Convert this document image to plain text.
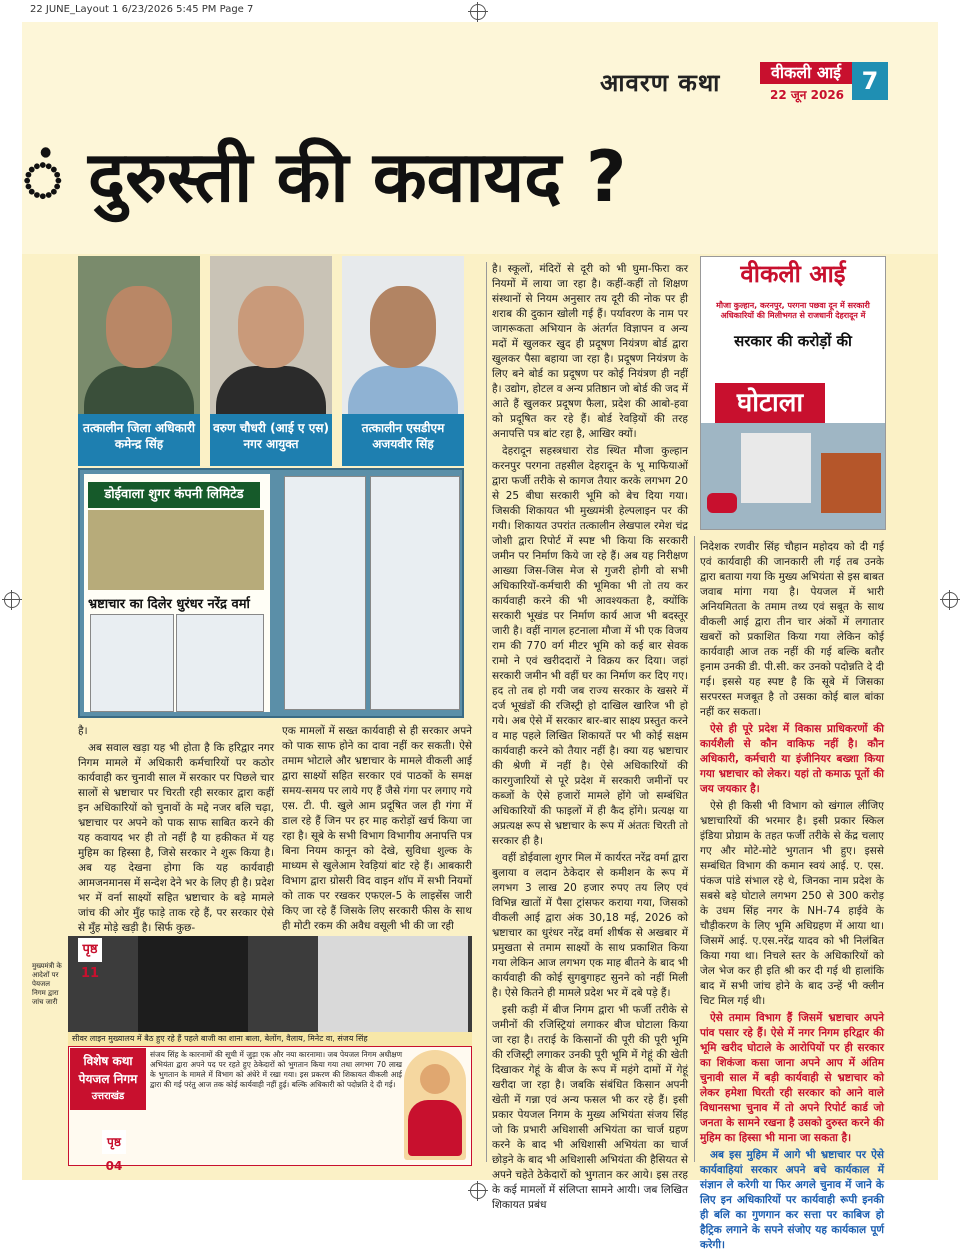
22 JUNE_Layout 1 6/23/2026 5:45 PM Page 7
आवरण कथा	वीकली आई
22 जून 2026 7
ं दुरुस्ती की कवायद ?
तत्कालीन जिला अधिकारी कमेन्द्र सिंह
वरुण चौधरी (आई ए एस) नगर आयुक्त
तत्कालीन एसडीएम अजयवीर सिंह
डोईवाला शुगर कंपनी लिमिटेड
भ्रष्टाचार का दिलेर धुरंधर नरेंद्र वर्मा

है।

अब सवाल खड़ा यह भी होता है कि हरिद्वार नगर निगम मामले में अधिकारी कर्मचारियों पर कठोर कार्यवाही कर चुनावी साल में सरकार पर पिछले चार सालों से भ्रष्टाचार पर चिरती रही सरकार द्वारा कहीं इन अधिकारियों को चुनावों के मद्दे नजर बलि चढ़ा, भ्रष्टाचार पर अपने को पाक साफ साबित करने की यह कवायद भर ही तो नहीं है या हकीकत में यह मुहिम का हिस्सा है, जिसे सरकार ने शुरू किया है। अब यह देखना होगा कि यह कार्यवाही आमजनमानस में सन्देश देने भर के लिए ही है। प्रदेश भर में वर्ना साक्ष्यों सहित भ्रष्टाचार के बड़े मामले जांच की ओर मुँह फाड़े ताक रहे हैं, पर सरकार ऐसे से मुँह मोड़े खड़ी है। सिर्फ कुछ-

एक मामलों में सख्त कार्यवाही से ही सरकार अपने को पाक साफ होने का दावा नहीं कर सकती। ऐसे तमाम भोटाले और भ्रष्टाचार के मामले वीकली आई द्वारा साक्ष्यों सहित सरकार एवं पाठकों के समक्ष समय-समय पर लाये गए हैं जैसे गंगा पर लगाए गये एस. टी. पी. खुले आम प्रदूषित जल ही गंगा में डाल रहे हैं जिन पर हर माह करोड़ों खर्च किया जा रहा है। सूबे के सभी विभाग विभागीय अनापत्ति पत्र बिना नियम कानून को देखे, सुविधा शुल्क के माध्यम से खुलेआम रेवड़ियां बांट रहे हैं। आबकारी विभाग द्वारा ग्रोसरी विद वाइन शॉप में सभी नियमों को ताक पर रखकर एफएल-5 के लाइसेंस जारी किए जा रहे हैं जिसके लिए सरकारी फीस के साथ ही मोटी रकम की अवैध वसूली भी की जा रही

है। स्कूलों, मंदिरों से दूरी को भी घुमा-फिरा कर नियमों में लाया जा रहा है। कहीं-कहीं तो शिक्षण संस्थानों से नियम अनुसार तय दूरी की नोक पर ही शराब की दुकान खोली गई हैं। पर्यावरण के नाम पर जागरूकता अभियान के अंतर्गत विज्ञापन व अन्य मदों में खुलकर खुद ही प्रदूषण नियंत्रण बोर्ड द्वारा खुलकर पैसा बहाया जा रहा है। प्रदूषण नियंत्रण के लिए बने बोर्ड का प्रदूषण पर कोई नियंत्रण ही नहीं है। उद्योग, होटल व अन्य प्रतिष्ठान जो बोर्ड की जद में आते हैं खुलकर प्रदूषण फैला, प्रदेश की आबो-हवा को प्रदूषित कर रहे हैं। बोर्ड रेवड़ियों की तरह अनापत्ति पत्र बांट रहा है, आखिर क्यों।

देहरादून सहस्त्रधारा रोड स्थित मौजा कुल्हान करनपुर परगना तहसील देहरादून के भू माफियाओं द्वारा फर्जी तरीके से कागज तैयार करके लगभग 20 से 25 बीघा सरकारी भूमि को बेच दिया गया। जिसकी शिकायत भी मुख्यमंत्री हेल्पलाइन पर की गयी। शिकायत उपरांत तत्कालीन लेखपाल रमेश चंद्र जोशी द्वारा रिपोर्ट में स्पष्ट भी किया कि सरकारी जमीन पर निर्माण किये जा रहे हैं। अब यह निरीक्षण आख्या जिस-जिस मेज से गुजरी होगी वो सभी अधिकारियों-कर्मचारी की भूमिका भी तो तय कर कार्यवाही करने की भी आवश्यकता है, क्योंकि सरकारी भूखंड पर निर्माण कार्य आज भी बदस्तूर जारी है। वहीं नागल हटनाला मौजा में भी एक विजय राम की 770 वर्ग मीटर भूमि को कई बार सेवक रामो ने एवं खरीददारों ने विक्रय कर दिया। जहां सरकारी जमीन भी वहीं घर का निर्माण कर दिए गए। हद तो तब हो गयी जब राज्य सरकार के खसरे में दर्ज भूखंडों की रजिस्ट्री हो दाखिल खारिज भी हो गये। अब ऐसे में सरकार बार-बार साक्ष्य प्रस्तुत करने व माह पहले लिखित शिकायतें पर भी कोई सक्षम कार्यवाही करने को तैयार नहीं है। क्या यह भ्रष्टाचार की श्रेणी में नहीं है। ऐसे अधिकारियों की कारगुजारियों से पूरे प्रदेश में सरकारी जमीनों पर कब्जों के ऐसे हजारों मामले होंगे जो सम्बंधित अधिकारियों की फाइलों में ही कैद होंगे। प्रत्यक्ष या अप्रत्यक्ष रूप से भ्रष्टाचार के रूप में अंततः चिरती तो सरकार ही है।

वहीं डोईवाला शुगर मिल में कार्यरत नरेंद्र वर्मा द्वारा बुलाया व लदान ठेकेदार से कमीशन के रूप में लगभग 3 लाख 20 हजार रुपए तय लिए एवं विभिन्न खातों में पैसा ट्रांसफर कराया गया, जिसको वीकली आई द्वारा अंक 30,18 मई, 2026 को भ्रष्टाचार का धुरंधर नरेंद्र वर्मा शीर्षक से अखबार में प्रमुखता से तमाम साक्ष्यों के साथ प्रकाशित किया गया लेकिन आज लगभग एक माह बीतने के बाद भी कार्यवाही की कोई सुगबुगाहट सुनने को नहीं मिली है। ऐसे कितने ही मामले प्रदेश भर में दबे पड़े हैं।

इसी कड़ी में बीज निगम द्वारा भी फर्जी तरीके से जमीनों की रजिस्ट्रियां लगाकर बीज घोटाला किया जा रहा है। तराई के किसानों की पूरी की पूरी भूमि की रजिस्ट्री लगाकर उनकी पूरी भूमि में गेहूं की खेती दिखाकर गेहूं के बीज के रूप में महंगे दामों में गेहूं खरीदा जा रहा है। जबकि संबंधित किसान अपनी खेती में गन्ना एवं अन्य फसल भी कर रहे हैं। इसी प्रकार पेयजल निगम के मुख्य अभियंता संजय सिंह जो कि प्रभारी अधिशासी अभियंता का चार्ज ग्रहण करने के बाद भी अधिशासी अभियंता का चार्ज छोड़ने के बाद भी अधिशासी अभियंता की हैसियत से अपने चहेते ठेकेदारों को भुगतान कर आये। इस तरह के कई मामलों में संलिप्ता सामने आयी। जब लिखित शिकायत प्रबंध

वीकली आई
मौजा कुल्हान, करनपुर, परगना पछवा दून में सरकारी अधिकारियों की मिलीभगत से राजधानी देहरादून में
सरकार की करोड़ों की
घोटाला

निदेशक रणवीर सिंह चौहान महोदय को दी गई एवं कार्यवाही की जानकारी ली गई तब उनके द्वारा बताया गया कि मुख्य अभियंता से इस बाबत जवाब मांगा गया है। पेयजल में भारी अनियमितता के तमाम तथ्य एवं सबूत के साथ वीकली आई द्वारा तीन चार अंकों में लगातार खबरों को प्रकाशित किया गया लेकिन कोई कार्यवाही आज तक नहीं की गई बल्कि बतौर इनाम उनकी डी. पी.सी. कर उनको पदोन्नति दे दी गई। इससे यह स्पष्ट है कि सूबे में जिसका सरपरस्त मजबूत है तो उसका कोई बाल बांका नहीं कर सकता।

ऐसे ही पूरे प्रदेश में विकास प्राधिकरणों की कार्यशैली से कौन वाकिफ नहीं है। कौन अधिकारी, कर्मचारी या इंजीनियर बख्शा किया गया भ्रष्टाचार को लेकर। यहां तो कमाऊ पूतों की जय जयकार है।

ऐसे ही किसी भी विभाग को खंगाल लीजिए भ्रष्टाचारियों की भरमार है। इसी प्रकार स्किल इंडिया प्रोग्राम के तहत फर्जी तरीके से केंद्र चलाए गए और मोटे-मोटे भुगतान भी हुए। इससे सम्बंधित विभाग की कमान स्वयं आई. ए. एस. पंकज पांडे संभाल रहे थे, जिनका नाम प्रदेश के सबसे बड़े घोटाले लगभग 250 से 300 करोड़ के उधम सिंह नगर के NH-74 हाईवे के चौड़ीकरण के लिए भूमि अधिग्रहण में आया था। जिसमें आई. ए.एस.नरेंद्र यादव को भी निलंबित किया गया था। निचले स्तर के अधिकारियों को जेल भेज कर ही इति श्री कर दी गई थी हालांकि बाद में सभी जांच होने के बाद उन्हें भी क्लीन चिट मिल गई थी।

ऐसे तमाम विभाग हैं जिसमें भ्रष्टाचार अपने पांव पसार रहे हैं। ऐसे में नगर निगम हरिद्वार की भूमि खरीद घोटाले के आरोपियों पर ही सरकार का शिकंजा कसा जाना अपने आप में अंतिम चुनावी साल में बड़ी कार्यवाही से भ्रष्टाचार को लेकर हमेशा घिरती रही सरकार को आने वाले विधानसभा चुनाव में तो अपने रिपोर्ट कार्ड जो जनता के सामने रखना है उसको दुरुस्त करने की मुहिम का हिस्सा भी माना जा सकता है।

अब इस मुहिम में आगे भी भ्रष्टाचार पर ऐसे कार्यवाहियां सरकार अपने बचे कार्यकाल में संज्ञान ले करेगी या फिर अगले चुनाव में जाने के लिए इन अधिकारियों पर कार्यवाही रूपी इनकी ही बलि का गुणगान कर सत्ता पर काबिज हो हैट्रिक लगाने के सपने संजोए यह कार्यकाल पूर्ण करेगी।

पृष्ठ 11
मुख्यमंत्री के आदेशों पर पेयजल निगम द्वारा जांच जारी
सीवर लाइन मुख्यालय में बैठ हुए रहे हैं पहले बाजी का शाना बाला, बेलोंग, वैलाय, मिनेट वा, संजय सिंह
विशेष कथा
पेयजल निगम
उत्तराखंड
पृष्ठ 04
संजय सिंह के कारनामों की सूची में जुड़ा एक और नया कारनामा। जब पेयजल निगम अधीक्षण अभियंता द्वारा अपने पद पर रहते हुए ठेकेदारों को भुगतान किया गया तथा लगभग 70 लाख के भुगतान के मामले में विभाग को अंधेरे में रखा गया। इस प्रकरण की शिकायत वीकली आई द्वारा की गई परंतु आज तक कोई कार्यवाही नहीं हुई। बल्कि अधिकारी को पदोन्नति दे दी गई।
